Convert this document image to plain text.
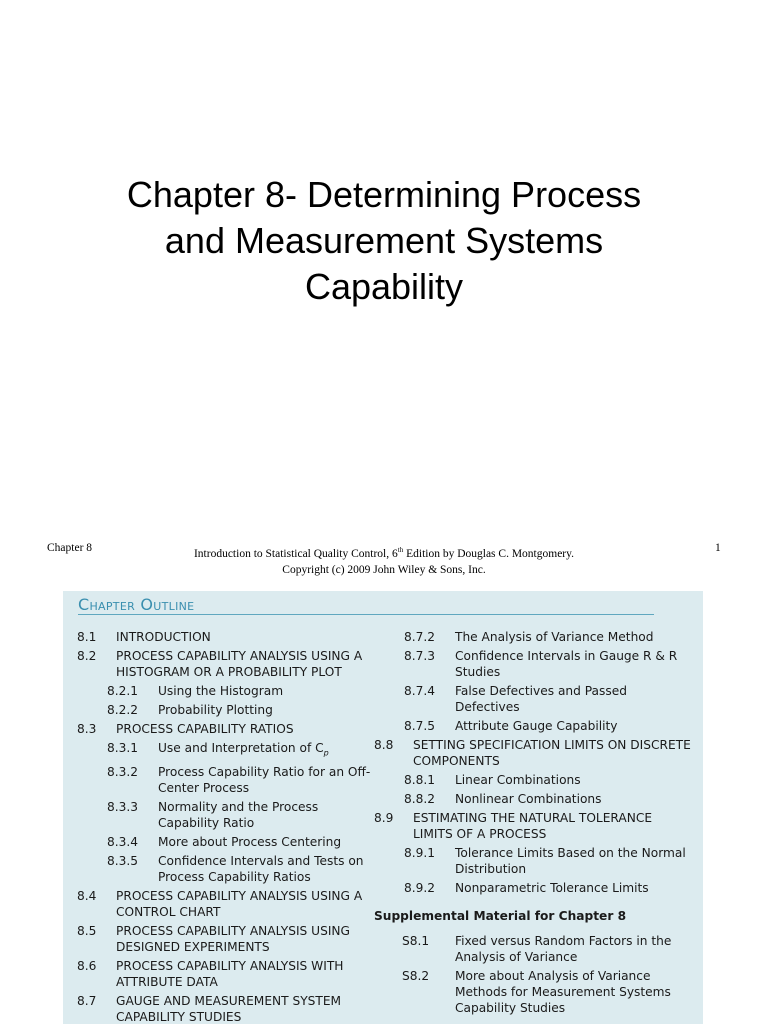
Chapter 8- Determining Process
and Measurement Systems
Capability
Chapter 8	Introduction to Statistical Quality Control, 6th Edition by Douglas C. Montgomery.
Copyright (c) 2009 John Wiley & Sons, Inc.
1
Chapter Outline
8.1 INTRODUCTION
8.2 PROCESS CAPABILITY ANALYSIS USING A HISTOGRAM OR A PROBABILITY PLOT
8.2.1 Using the Histogram
8.2.2 Probability Plotting
8.3 PROCESS CAPABILITY RATIOS
8.3.1 Use and Interpretation of $C_p$
8.3.2 Process Capability Ratio for an Off-Center Process
8.3.3 Normality and the Process Capability Ratio
8.3.4 More about Process Centering
8.3.5 Confidence Intervals and Tests on Process Capability Ratios
8.4 PROCESS CAPABILITY ANALYSIS USING A CONTROL CHART
8.5 PROCESS CAPABILITY ANALYSIS USING DESIGNED EXPERIMENTS
8.6 PROCESS CAPABILITY ANALYSIS WITH ATTRIBUTE DATA
8.7 GAUGE AND MEASUREMENT SYSTEM CAPABILITY STUDIES
8.7.2 The Analysis of Variance Method
8.7.3 Confidence Intervals in Gauge R & R Studies
8.7.4 False Defectives and Passed Defectives
8.7.5 Attribute Gauge Capability
8.8 SETTING SPECIFICATION LIMITS ON DISCRETE COMPONENTS
8.8.1 Linear Combinations
8.8.2 Nonlinear Combinations
8.9 ESTIMATING THE NATURAL TOLERANCE LIMITS OF A PROCESS
8.9.1 Tolerance Limits Based on the Normal Distribution
8.9.2 Nonparametric Tolerance Limits
Supplemental Material for Chapter 8
S8.1 Fixed versus Random Factors in the Analysis of Variance
S8.2 More about Analysis of Variance Methods for Measurement Systems Capability Studies
